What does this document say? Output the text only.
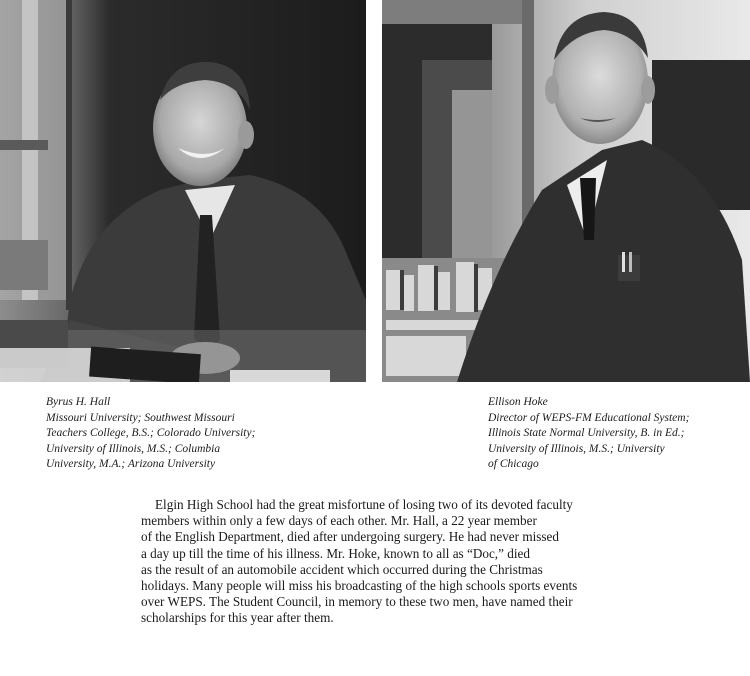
Byrus H. Hall
Missouri University; Southwest Missouri
Teachers College, B.S.; Colorado University;
University of Illinois, M.S.; Columbia
University, M.A.; Arizona University
Ellison Hoke
Director of WEPS-FM Educational System;
Illinois State Normal University, B. in Ed.;
University of Illinois, M.S.; University
of Chicago
Elgin High School had the great misfortune of losing two of its devoted faculty
members within only a few days of each other. Mr. Hall, a 22 year member
of the English Department, died after undergoing surgery. He had never missed
a day up till the time of his illness. Mr. Hoke, known to all as “Doc,” died
as the result of an automobile accident which occurred during the Christmas
holidays. Many people will miss his broadcasting of the high schools sports events
over WEPS. The Student Council, in memory to these two men, have named their
scholarships for this year after them.
